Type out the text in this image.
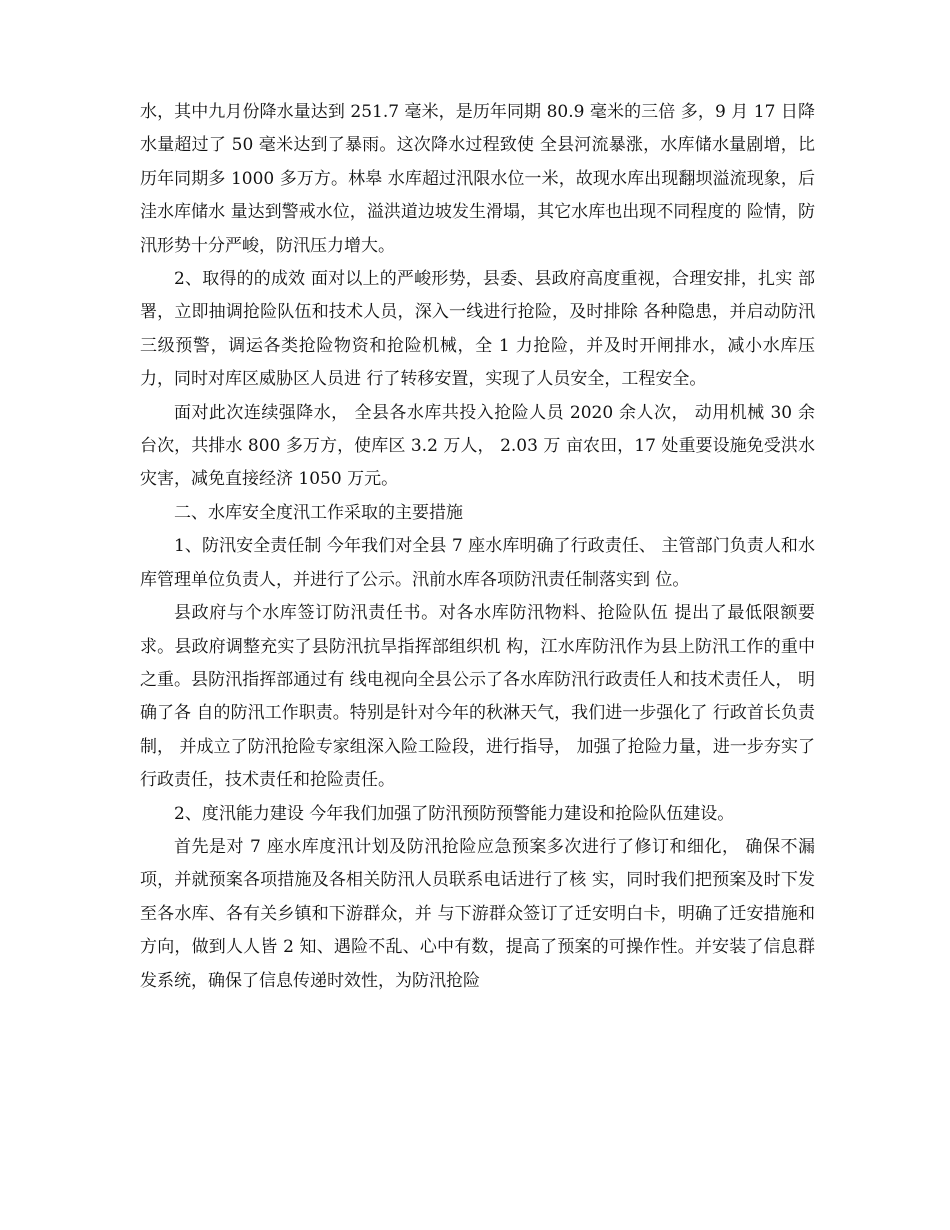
水，其中九月份降水量达到 251.7 毫米，是历年同期 80.9 毫米的三倍 多，9 月 17 日降水量超过了 50 毫米达到了暴雨。这次降水过程致使 全县河流暴涨，水库储水量剧增，比历年同期多 1000 多万方。林皋 水库超过汛限水位一米，故现水库出现翻坝溢流现象，后洼水库储水 量达到警戒水位，溢洪道边坡发生滑塌，其它水库也出现不同程度的 险情，防汛形势十分严峻，防汛压力增大。

2、取得的的成效 面对以上的严峻形势，县委、县政府高度重视，合理安排，扎实 部署，立即抽调抢险队伍和技术人员，深入一线进行抢险，及时排除 各种隐患，并启动防汛三级预警，调运各类抢险物资和抢险机械，全 1 力抢险，并及时开闸排水，减小水库压力，同时对库区威胁区人员进 行了转移安置，实现了人员安全，工程安全。

面对此次连续强降水， 全县各水库共投入抢险人员 2020 余人次， 动用机械 30 余台次，共排水 800 多万方，使库区 3.2 万人， 2.03 万 亩农田，17 处重要设施免受洪水灾害，减免直接经济 1050 万元。

二、水库安全度汛工作采取的主要措施

1、防汛安全责任制 今年我们对全县 7 座水库明确了行政责任、 主管部门负责人和水 库管理单位负责人，并进行了公示。汛前水库各项防汛责任制落实到 位。

县政府与个水库签订防汛责任书。对各水库防汛物料、抢险队伍 提出了最低限额要求。县政府调整充实了县防汛抗旱指挥部组织机 构，江水库防汛作为县上防汛工作的重中之重。县防汛指挥部通过有 线电视向全县公示了各水库防汛行政责任人和技术责任人， 明确了各 自的防汛工作职责。特别是针对今年的秋淋天气，我们进一步强化了 行政首长负责制， 并成立了防汛抢险专家组深入险工险段，进行指导， 加强了抢险力量，进一步夯实了行政责任，技术责任和抢险责任。

2、度汛能力建设 今年我们加强了防汛预防预警能力建设和抢险队伍建设。

首先是对 7 座水库度汛计划及防汛抢险应急预案多次进行了修订和细化， 确保不漏项，并就预案各项措施及各相关防汛人员联系电话进行了核 实，同时我们把预案及时下发至各水库、各有关乡镇和下游群众，并 与下游群众签订了迁安明白卡，明确了迁安措施和方向，做到人人皆 2 知、遇险不乱、心中有数，提高了预案的可操作性。并安装了信息群 发系统，确保了信息传递时效性，为防汛抢险
